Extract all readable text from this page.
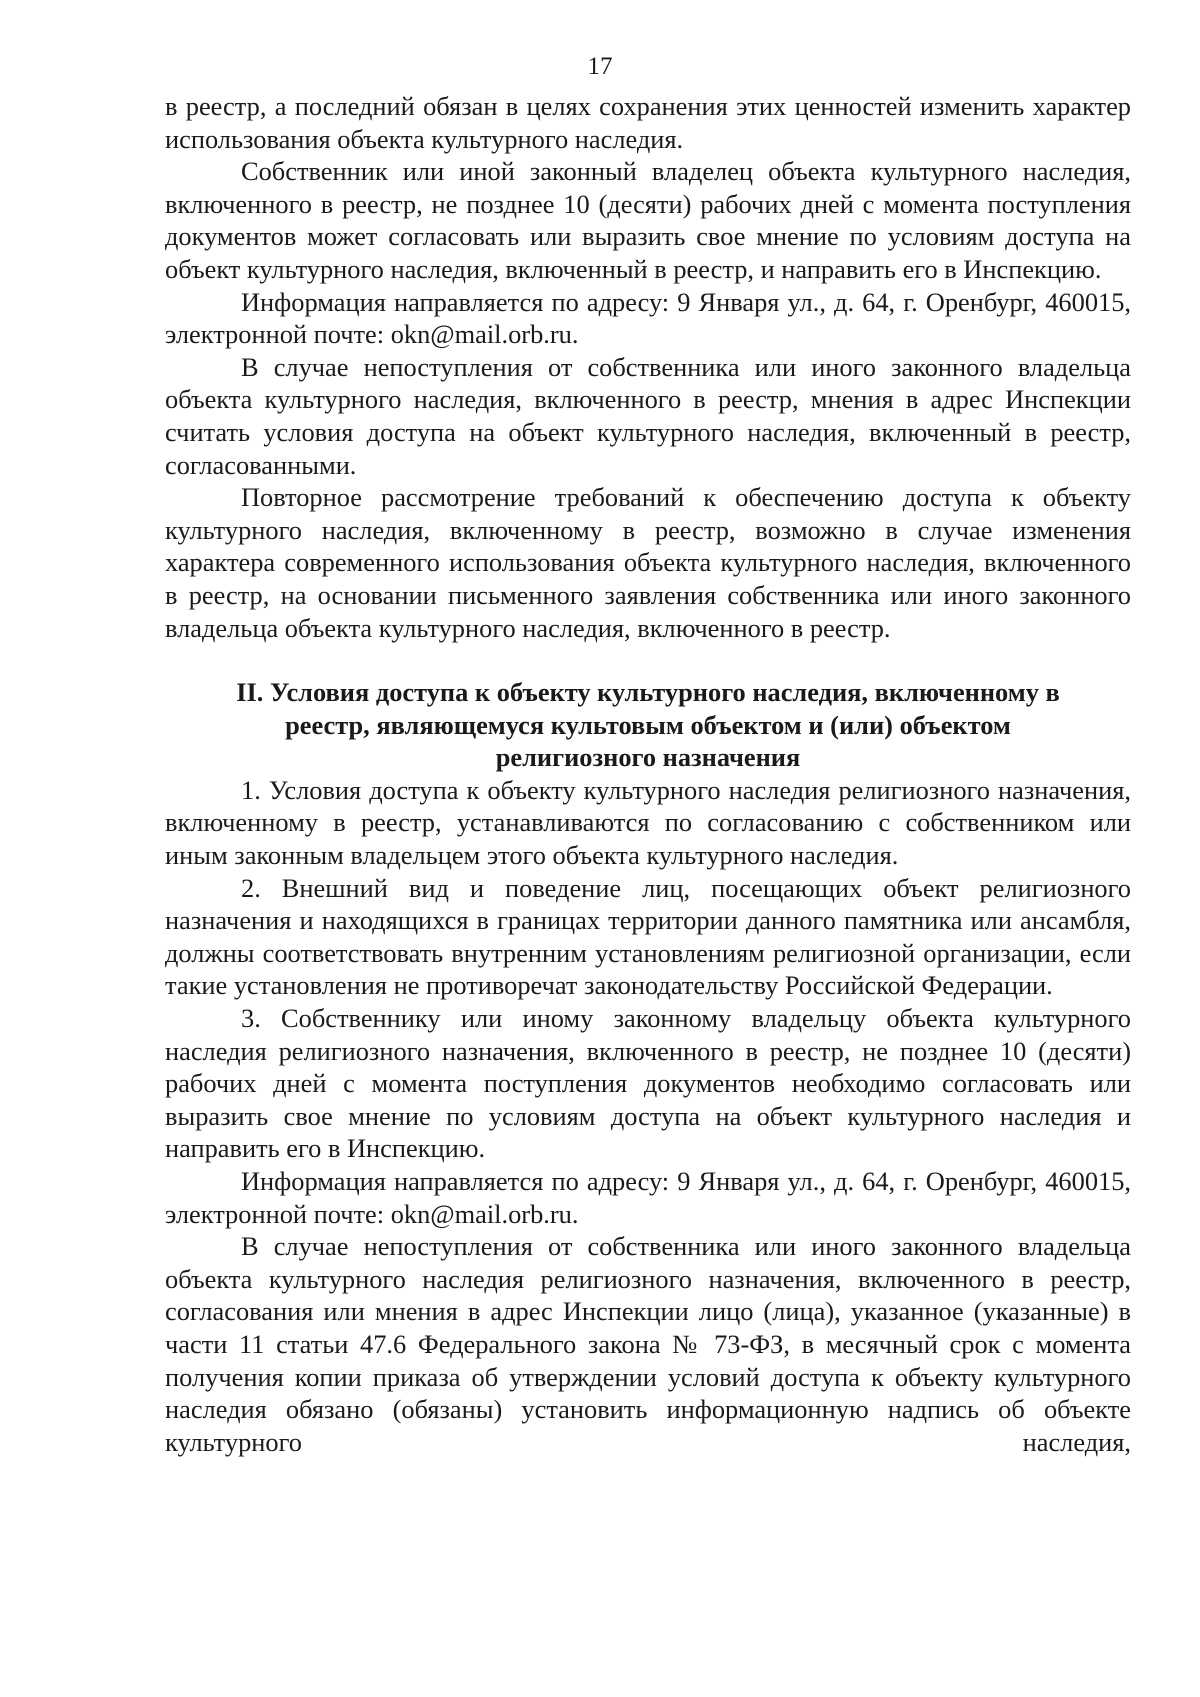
17

в реестр, а последний обязан в целях сохранения этих ценностей изменить характер использования объекта культурного наследия.

Собственник или иной законный владелец объекта культурного наследия, включенного в реестр, не позднее 10 (десяти) рабочих дней с момента поступления документов может согласовать или выразить свое мнение по условиям доступа на объект культурного наследия, включенный в реестр, и направить его в Инспекцию.

Информация направляется по адресу: 9 Января ул., д. 64, г. Оренбург, 460015, электронной почте: okn@mail.orb.ru.

В случае непоступления от собственника или иного законного владельца объекта культурного наследия, включенного в реестр, мнения в адрес Инспекции считать условия доступа на объект культурного наследия, включенный в реестр, согласованными.

Повторное рассмотрение требований к обеспечению доступа к объекту культурного наследия, включенному в реестр, возможно в случае изменения характера современного использования объекта культурного наследия, включенного в реестр, на основании письменного заявления собственника или иного законного владельца объекта культурного наследия, включенного в реестр.

II. Условия доступа к объекту культурного наследия, включенному в
реестр, являющемуся культовым объектом и (или) объектом
религиозного назначения

1. Условия доступа к объекту культурного наследия религиозного назначения, включенному в реестр, устанавливаются по согласованию с собственником или иным законным владельцем этого объекта культурного наследия.

2. Внешний вид и поведение лиц, посещающих объект религиозного назначения и находящихся в границах территории данного памятника или ансамбля, должны соответствовать внутренним установлениям религиозной организации, если такие установления не противоречат законодательству Российской Федерации.

3. Собственнику или иному законному владельцу объекта культурного наследия религиозного назначения, включенного в реестр, не позднее 10 (десяти) рабочих дней с момента поступления документов необходимо согласовать или выразить свое мнение по условиям доступа на объект культурного наследия и направить его в Инспекцию.

Информация направляется по адресу: 9 Января ул., д. 64, г. Оренбург, 460015, электронной почте: okn@mail.orb.ru.

В случае непоступления от собственника или иного законного владельца объекта культурного наследия религиозного назначения, включенного в реестр, согласования или мнения в адрес Инспекции лицо (лица), указанное (указанные) в части 11 статьи 47.6 Федерального закона № 73-ФЗ, в месячный срок с момента получения копии приказа об утверждении условий доступа к объекту культурного наследия обязано (обязаны) установить информационную надпись об объекте культурного наследия,
